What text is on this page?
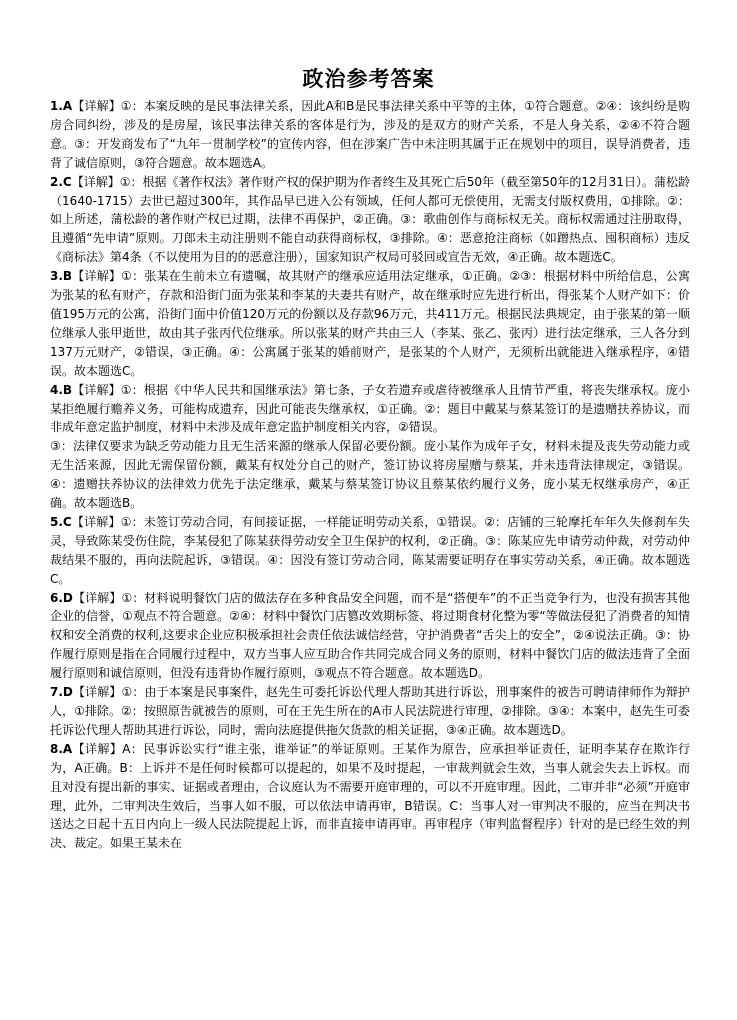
政治参考答案

1.A【详解】①：本案反映的是民事法律关系，因此A和B是民事法律关系中平等的主体，①符合题意。②④：该纠纷是购房合同纠纷，涉及的是房屋，该民事法律关系的客体是行为，涉及的是双方的财产关系，不是人身关系，②④不符合题意。③：开发商发布了“九年一贯制学校”的宣传内容，但在涉案广告中未注明其属于正在规划中的项目，误导消费者，违背了诚信原则，③符合题意。故本题选A。

2.C【详解】①：根据《著作权法》著作财产权的保护期为作者终生及其死亡后50年（截至第50年的12月31日）。蒲松龄（1640-1715）去世已超过300年，其作品早已进入公有领域，任何人都可无偿使用，无需支付版权费用，①排除。②：如上所述，蒲松龄的著作财产权已过期，法律不再保护，②正确。③：歌曲创作与商标权无关。商标权需通过注册取得，且遵循“先申请”原则。刀郎未主动注册则不能自动获得商标权，③排除。④：恶意抢注商标（如蹭热点、囤积商标）违反《商标法》第4条（不以使用为目的的恶意注册），国家知识产权局可驳回或宣告无效，④正确。故本题选C。

3.B【详解】①：张某在生前未立有遗嘱，故其财产的继承应适用法定继承，①正确。②③：根据材料中所给信息，公寓为张某的私有财产，存款和沿街门面为张某和李某的夫妻共有财产，故在继承时应先进行析出，得张某个人财产如下：价值195万元的公寓，沿街门面中价值120万元的份额以及存款96万元，共411万元。根据民法典规定，由于张某的第一顺位继承人张甲逝世，故由其子张丙代位继承。所以张某的财产共由三人（李某、张乙、张丙）进行法定继承，三人各分到137万元财产，②错误，③正确。④：公寓属于张某的婚前财产，是张某的个人财产，无须析出就能进入继承程序，④错误。故本题选C。

4.B【详解】①：根据《中华人民共和国继承法》第七条，子女若遗弃或虐待被继承人且情节严重，将丧失继承权。庞小某拒绝履行赡养义务，可能构成遗弃，因此可能丧失继承权，①正确。②：题目中戴某与蔡某签订的是遗赠扶养协议，而非成年意定监护制度，材料中未涉及成年意定监护制度相关内容，②错误。

③：法律仅要求为缺乏劳动能力且无生活来源的继承人保留必要份额。庞小某作为成年子女，材料未提及丧失劳动能力或无生活来源，因此无需保留份额，戴某有权处分自己的财产，签订协议将房屋赠与蔡某，并未违背法律规定，③错误。④：遗赠扶养协议的法律效力优先于法定继承，戴某与蔡某签订协议且蔡某依约履行义务，庞小某无权继承房产，④正确。故本题选B。

5.C【详解】①：未签订劳动合同，有间接证据，一样能证明劳动关系，①错误。②：店铺的三轮摩托车年久失修刹车失灵，导致陈某受伤住院，李某侵犯了陈某获得劳动安全卫生保护的权利，②正确。③：陈某应先申请劳动仲裁，对劳动仲裁结果不服的，再向法院起诉，③错误。④：因没有签订劳动合同，陈某需要证明存在事实劳动关系，④正确。故本题选C。

6.D【详解】①：材料说明餐饮门店的做法存在多种食品安全问题，而不是“搭便车”的不正当竞争行为，也没有损害其他企业的信誉，①观点不符合题意。②④：材料中餐饮门店篡改效期标签、将过期食材化整为零“等做法侵犯了消费者的知情权和安全消费的权利,这要求企业应积极承担社会责任依法诚信经营，守护消费者“舌尖上的安全”，②④说法正确。③：协作履行原则是指在合同履行过程中，双方当事人应互助合作共同完成合同义务的原则，材料中餐饮门店的做法违背了全面履行原则和诚信原则，但没有违背协作履行原则，③观点不符合题意。故本题选D。

7.D【详解】①：由于本案是民事案件，赵先生可委托诉讼代理人帮助其进行诉讼，刑事案件的被告可聘请律师作为辩护人，①排除。②：按照原告就被告的原则，可在王先生所在的A市人民法院进行审理，②排除。③④：本案中，赵先生可委托诉讼代理人帮助其进行诉讼，同时，需向法庭提供拖欠货款的相关证据，③④正确。故本题选D。

8.A【详解】A：民事诉讼实行“谁主张，谁举证”的举证原则。王某作为原告，应承担举证责任，证明李某存在欺诈行为，A正确。B：上诉并不是任何时候都可以提起的，如果不及时提起，一审裁判就会生效，当事人就会失去上诉权。而且对没有提出新的事实、证据或者理由，合议庭认为不需要开庭审理的，可以不开庭审理。因此，二审并非“必须”开庭审理，此外，二审判决生效后，当事人如不服，可以依法申请再审，B错误。C：当事人对一审判决不服的，应当在判决书送达之日起十五日内向上一级人民法院提起上诉，而非直接申请再审。再审程序（审判监督程序）针对的是已经生效的判决、裁定。如果王某未在
